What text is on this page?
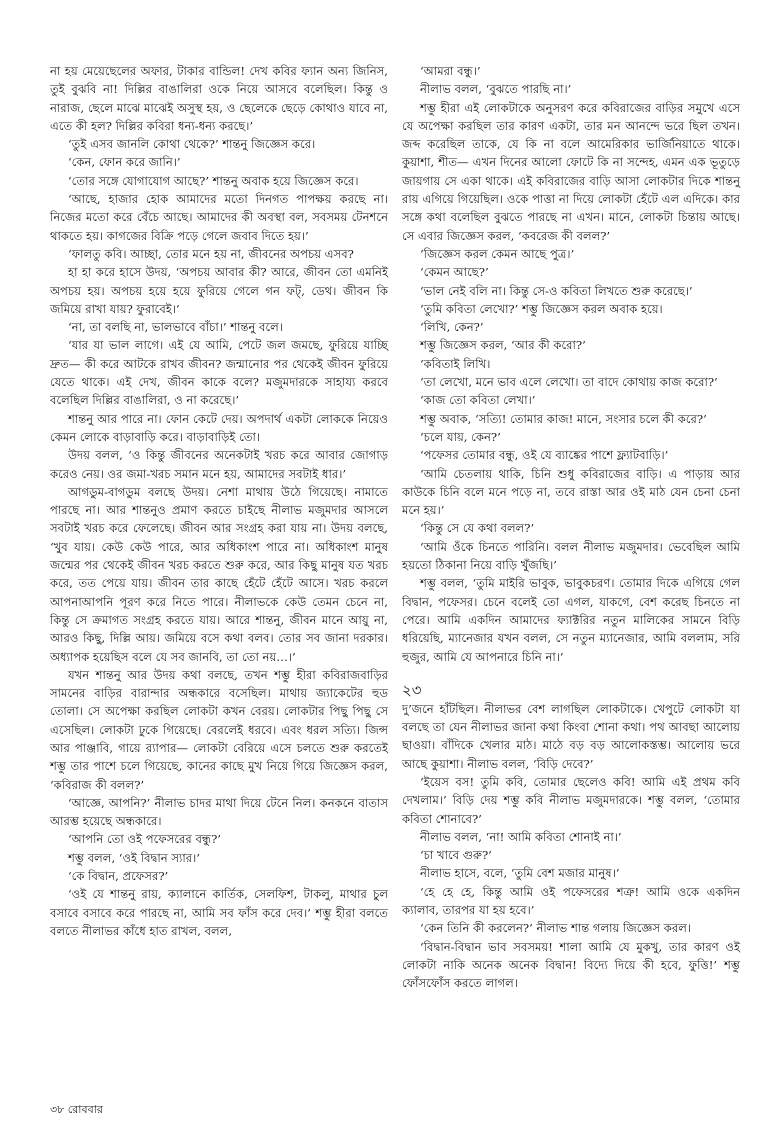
না হয় মেয়েছেলের অফার, টাকার বান্ডিল! দেখ কবির ফ্যান অন্য জিনিস, তুই বুঝবি না! দিল্লির বাঙালিরা ওকে নিয়ে আসবে বলেছিল। কিন্তু ও নারাজ, ছেলে মাঝে মাঝেই অসুস্থ হয়, ও ছেলেকে ছেড়ে কোথাও যাবে না, এতে কী হল? দিল্লির কবিরা ধন্য-ধন্য করছে।’

‘তুই এসব জানলি কোথা থেকে?’ শান্তনু জিজ্ঞেস করে।

‘কেন, ফোন করে জানি।’

‘তোর সঙ্গে যোগাযোগ আছে?’ শান্তনু অবাক হয়ে জিজ্ঞেস করে।

‘আছে, হাজার হোক আমাদের মতো দিনগত পাপক্ষয় করছে না। নিজের মতো করে বেঁচে আছে। আমাদের কী অবস্থা বল, সবসময় টেনশনে থাকতে হয়। কাগজের বিক্রি পড়ে গেলে জবাব দিতে হয়।’

‘ফালতু কবি। আচ্ছা, তোর মনে হয় না, জীবনের অপচয় এসব?

হা হা করে হাসে উদয়, ‘অপচয় আবার কী? আরে, জীবন তো এমনিই অপচয় হয়। অপচয় হয়ে হয়ে ফুরিয়ে গেলে গন ফট্, ডেথ। জীবন কি জমিয়ে রাখা যায়? ফুরাবেই।’

‘না, তা বলছি না, ভালভাবে বাঁচা।’ শান্তনু বলে।

‘যার যা ভাল লাগে। এই যে আমি, পেটে জল জমছে, ফুরিয়ে যাচ্ছি দ্রুত— কী করে আটকে রাখব জীবন? জন্মানোর পর থেকেই জীবন ফুরিয়ে যেতে থাকে। এই দেখ, জীবন কাকে বলে? মজুমদারকে সাহায্য করবে বলেছিল দিল্লির বাঙালিরা, ও না করেছে।’

শান্তনু আর পারে না। ফোন কেটে দেয়। অপদার্থ একটা লোককে নিয়েও কেমন লোকে বাড়াবাড়ি করে। বাড়াবাড়িই তো।

উদয় বলল, ‘ও কিন্তু জীবনের অনেকটাই খরচ করে আবার জোগাড় করেও নেয়। ওর জমা-খরচ সমান মনে হয়, আমাদের সবটাই ধার।’

আগডুম-বাগডুম বলছে উদয়। নেশা মাথায় উঠে গিয়েছে। নামাতে পারছে না। আর শান্তনুও প্রমাণ করতে চাইছে নীলাভ মজুমদার আসলে সবটাই খরচ করে ফেলেছে। জীবন আর সংগ্রহ করা যায় না। উদয় বলছে, ‘খুব যায়। কেউ কেউ পারে, আর অধিকাংশ পারে না। অধিকাংশ মানুষ জন্মের পর থেকেই জীবন খরচ করতে শুরু করে, আর কিছু মানুষ যত খরচ করে, তত পেয়ে যায়। জীবন তার কাছে হেঁটে হেঁটে আসে। খরচ করলে আপনাআপনি পূরণ করে নিতে পারে। নীলাভকে কেউ তেমন চেনে না, কিন্তু সে ক্রমাগত সংগ্রহ করতে যায়। আরে শান্তনু, জীবন মানে আয়ু না, আরও কিছু, দিল্লি আয়। জমিয়ে বসে কথা বলব। তোর সব জানা দরকার। অধ্যাপক হয়েছিস বলে যে সব জানবি, তা তো নয়…।’

যখন শান্তনু আর উদয় কথা বলছে, তখন শম্ভু হীরা কবিরাজবাড়ির সামনের বাড়ির বারান্দার অন্ধকারে বসেছিল। মাথায় জ্যাকেটের হুড তোলা। সে অপেক্ষা করছিল লোকটা কখন বেরয়। লোকটার পিছু পিছু সে এসেছিল। লোকটা ঢুকে গিয়েছে। বেরলেই ধরবে। এবং ধরল সত্যি। জিন্স আর পাঞ্জাবি, গায়ে র‌্যাপার— লোকটা বেরিয়ে এসে চলতে শুরু করতেই শম্ভু তার পাশে চলে গিয়েছে, কানের কাছে মুখ নিয়ে গিয়ে জিজ্ঞেস করল, ‘কবিরাজ কী বলল?’

‘আজ্ঞে, আপনি?’ নীলাভ চাদর মাথা দিয়ে টেনে নিল। কনকনে বাতাস আরম্ভ হয়েছে অন্ধকারে।

‘আপনি তো ওই পফেসরের বন্ধু?’

শম্ভু বলল, ‘ওই বিদ্বান স্যার।’

‘কে বিদ্বান, প্রফেসর?’

‘ওই যে শান্তনু রায়, ক্যালানে কার্তিক, সেলফিশ, টাকলু, মাথার চুল বসাবে বসাবে করে পারছে না, আমি সব ফাঁস করে দেব।’ শম্ভু হীরা বলতে বলতে নীলাভর কাঁধে হাত রাখল, বলল,

‘আমরা বন্ধু।’

নীলাভ বলল, ‘বুঝতে পারছি না।’

শম্ভু হীরা এই লোকটাকে অনুসরণ করে কবিরাজের বাড়ির সমুখে এসে যে অপেক্ষা করছিল তার কারণ একটা, তার মন আনন্দে ভরে ছিল তখন। জব্দ করেছিল তাকে, যে কি না বলে আমেরিকার ভার্জিনিয়াতে থাকে। কুয়াশা, শীত— এখন দিনের আলো ফোটে কি না সন্দেহ, এমন এক ভূতুড়ে জায়গায় সে একা থাকে। এই কবিরাজের বাড়ি আসা লোকটার দিকে শান্তনু রায় এগিয়ে গিয়েছিল। ওকে পাত্তা না দিয়ে লোকটা হেঁটে এল এদিকে। কার সঙ্গে কথা বলেছিল বুঝতে পারছে না এখন। মানে, লোকটা চিন্তায় আছে। সে এবার জিজ্ঞেস করল, ‘কবরেজ কী বলল?’

‘জিজ্ঞেস করল কেমন আছে পুত্র।’

‘কেমন আছে?’

‘ভাল নেই বলি না। কিন্তু সে-ও কবিতা লিখতে শুরু করেছে।’

‘তুমি কবিতা লেখো?’ শম্ভু জিজ্ঞেস করল অবাক হয়ে।

‘লিখি, কেন?’

শম্ভু জিজ্ঞেস করল, ‘আর কী করো?’

‘কবিতাই লিখি।

‘তা লেখো, মনে ভাব এলে লেখো। তা বাদে কোথায় কাজ করো?’

‘কাজ তো কবিতা লেখা।’

শম্ভু অবাক, ‘সত্যি! তোমার কাজ! মানে, সংসার চলে কী করে?’

‘চলে যায়, কেন?’

‘পফেসর তোমার বন্ধু, ওই যে ব্যাঙ্কের পাশে ফ্ল্যাটবাড়ি।’

‘আমি চেতলায় থাকি, চিনি শুধু কবিরাজের বাড়ি। এ পাড়ায় আর কাউকে চিনি বলে মনে পড়ে না, তবে রাস্তা আর ওই মাঠ যেন চেনা চেনা মনে হয়।’

‘কিন্তু সে যে কথা বলল?’

‘আমি ওঁকে চিনতে পারিনি। বলল নীলাভ মজুমদার। ভেবেছিল আমি হয়তো ঠিকানা নিয়ে বাড়ি খুঁজছি।’

শম্ভু বলল, ‘তুমি মাইরি ভাবুক, ভাবুকচরণ। তোমার দিকে এগিয়ে গেল বিদ্বান, পফেসর। চেনে বলেই তো এগল, যাকগে, বেশ করেছ চিনতে না পেরে। আমি একদিন আমাদের ফ্যাক্টরির নতুন মালিকের সামনে বিড়ি ধরিয়েছি, ম্যানেজার যখন বলল, সে নতুন ম্যানেজার, আমি বললাম, সরি হুজুর, আমি যে আপনারে চিনি না।’

২৩

দু’জনে হাঁটছিল। নীলাভর বেশ লাগছিল লোকটাকে। খেপুটে লোকটা যা বলছে তা যেন নীলাভর জানা কথা কিংবা শোনা কথা। পথ আবছা আলোয় ছাওয়া। বাঁদিকে খেলার মাঠ। মাঠে বড় বড় আলোকস্তম্ভ। আলোয় ভরে আছে কুয়াশা। নীলাভ বলল, ‘বিড়ি দেবে?’

‘ইয়েস বস! তুমি কবি, তোমার ছেলেও কবি! আমি এই প্রথম কবি দেখলাম।’ বিড়ি দেয় শম্ভু কবি নীলাভ মজুমদারকে। শম্ভু বলল, ‘তোমার কবিতা শোনাবে?’

নীলাভ বলল, ‘না! আমি কবিতা শোনাই না।’

‘চা খাবে গুরু?’

নীলাভ হাসে, বলে, ‘তুমি বেশ মজার মানুষ।’

‘হে হে হে, কিন্তু আমি ওই পফেসরের শত্রু! আমি ওকে একদিন ক্যালাব, তারপর যা হয় হবে।’

‘কেন তিনি কী করলেন?’ নীলাভ শান্ত গলায় জিজ্ঞেস করল।

‘বিদ্বান-বিদ্বান ভাব সবসময়! শালা আমি যে মুকখু, তার কারণ ওই লোকটা নাকি অনেক অনেক বিদ্বান! বিদ্যে দিয়ে কী হবে, ফুত্তি!’ শম্ভু ফোঁসফোঁস করতে লাগল।

৩৮ রোববার
